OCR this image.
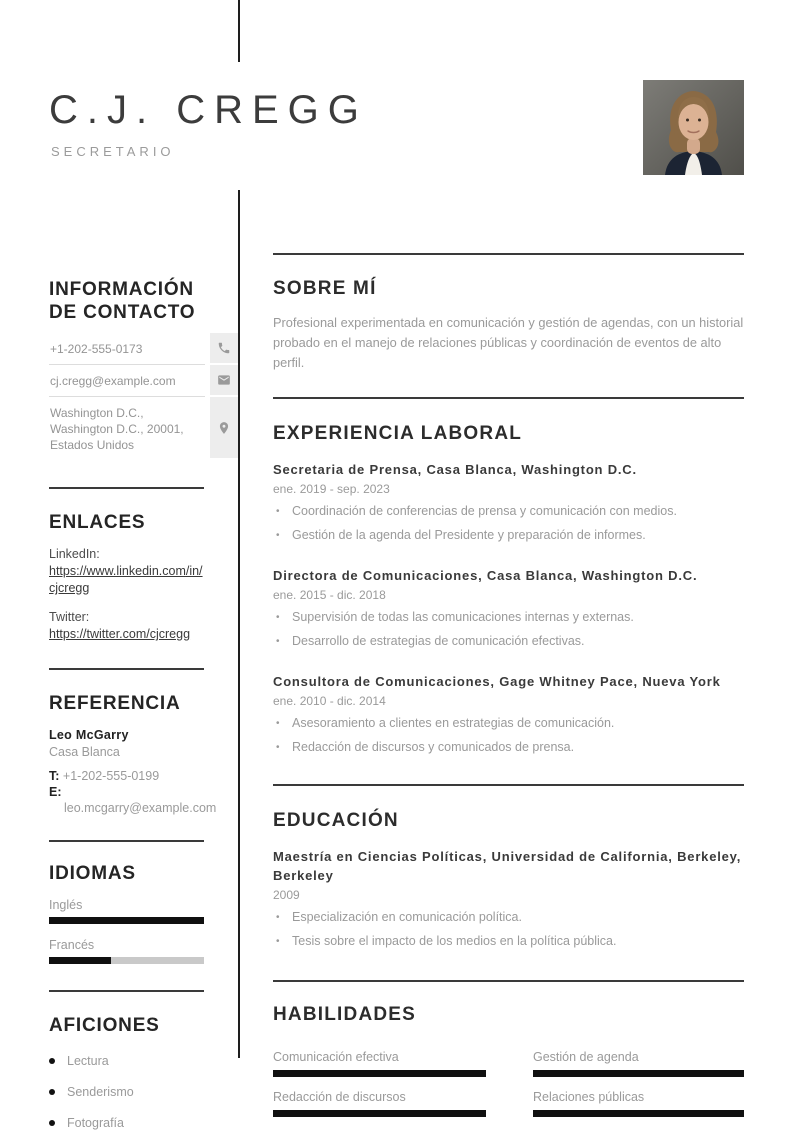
C.J. CREGG
SECRETARIO
INFORMACIÓN DE CONTACTO
+1-202-555-0173
cj.cregg@example.com
Washington D.C., Washington D.C., 20001, Estados Unidos
ENLACES
LinkedIn:
https://www.linkedin.com/in/cjcregg
Twitter:
https://twitter.com/cjcregg
REFERENCIA
Leo McGarry
Casa Blanca
T: +1-202-555-0199
E: leo.mcgarry@example.com
IDIOMAS
Inglés
Francés
AFICIONES
Lectura
Senderismo
Fotografía
SOBRE MÍ

Profesional experimentada en comunicación y gestión de agendas, con un historial probado en el manejo de relaciones públicas y coordinación de eventos de alto perfil.

EXPERIENCIA LABORAL
Secretaria de Prensa, Casa Blanca, Washington D.C.
ene. 2019 - sep. 2023
• Coordinación de conferencias de prensa y comunicación con medios.
• Gestión de la agenda del Presidente y preparación de informes.
Directora de Comunicaciones, Casa Blanca, Washington D.C.
ene. 2015 - dic. 2018
• Supervisión de todas las comunicaciones internas y externas.
• Desarrollo de estrategias de comunicación efectivas.
Consultora de Comunicaciones, Gage Whitney Pace, Nueva York
ene. 2010 - dic. 2014
• Asesoramiento a clientes en estrategias de comunicación.
• Redacción de discursos y comunicados de prensa.
EDUCACIÓN
Maestría en Ciencias Políticas, Universidad de California, Berkeley, Berkeley
2009
• Especialización en comunicación política.
• Tesis sobre el impacto de los medios en la política pública.
HABILIDADES
Comunicación efectiva	Gestión de agenda
Redacción de discursos	Relaciones públicas
